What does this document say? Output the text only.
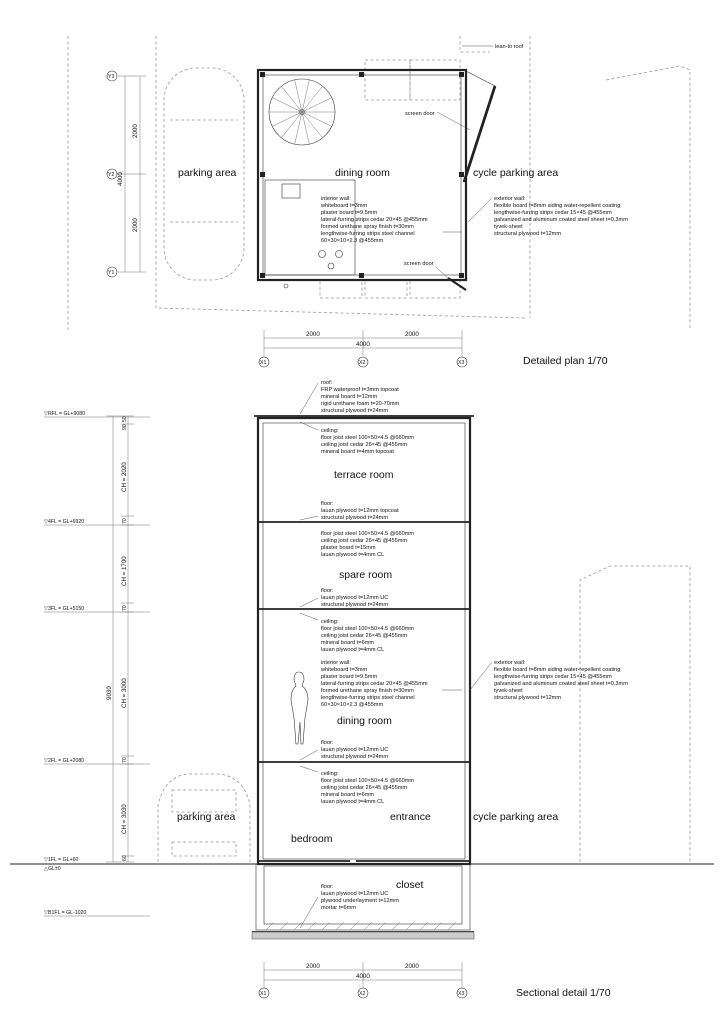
parking area	dining room	cycle parking area
lean-to roof
screen door
screen door
interior wall:
whiteboard t=3mm
plaster board t=9.5mm
lateral-furring strips cedar 20×45 @455mm
formed urethane spray finish t=30mm
lengthwise-furring strips steel channel
60×30×10×2.3 @455mm
exterior wall:
flexible board t=8mm siding water-repellent coating
lengthwise-furring strips cedar 15×45 @455mm
galvanized and aluminum coated steel sheet t=0.3mm
tyvek-sheet
structural plywood t=12mm
2000
2000
4000
Y3
Y2
Y1
2000	2000
4000
X1	X2	X3	Detailed plan 1/70
terrace room
spare room
dining room
parking area
bedroom
entrance	cycle parking area
closet
roof:
FRP waterproof t=3mm topcoat
mineral board t=12mm
rigid urethane foam t=20-70mm
structural plywood t=24mm
ceiling:
floor joist steel 100×50×4.5 @660mm
ceiling joist cedar 26×45 @455mm
mineral board t=4mm topcoat
floor:
lauan plywood t=12mm topcoat
structural plywood t=24mm
floor joist steel 100×50×4.5 @660mm
ceiling joist cedar 26×45 @455mm
plaster board t=15mm
lauan plywood t=4mm CL
floor:
lauan plywood t=12mm UC
structural plywood t=24mm
ceiling:
floor joist steel 100×50×4.5 @660mm
ceiling joist cedar 26×45 @455mm
mineral board t=6mm
lauan plywood t=4mm CL
interior wall:
whiteboard t=3mm
plaster board t=9.5mm
lateral-furring strips cedar 20×45 @455mm
formed urethane spray finish t=30mm
lengthwise-furring strips steel channel
60×30×10×2.3 @455mm
exterior wall:
flexible board t=8mm siding water-repellent coating
lengthwise-furring strips cedar 15×45 @455mm
galvanized and aluminum coated steel sheet t=0.3mm
tyvek-sheet
structural plywood t=12mm
floor:
lauan plywood t=12mm UC
structural plywood t=24mm
ceiling:
floor joist steel 100×50×4.5 @660mm
ceiling joist cedar 26×45 @455mm
mineral board t=6mm
lauan plywood t=4mm CL
floor:
lauan plywood t=12mm UC
plywood underlayment t=12mm
mortar t=6mm
▽RFL = GL+9080
▽4FL = GL+6920
▽3FL = GL+5150
▽2FL = GL+2080
▽1FL = GL+60
△GL±0
▽B1FL = GL-1020
50
90
CH = 2020
70
CH = 1700
70
9030 CH = 3000
70
CH = 3030
60
2000	2000
4000
X1	X2	X3	Sectional detail 1/70
